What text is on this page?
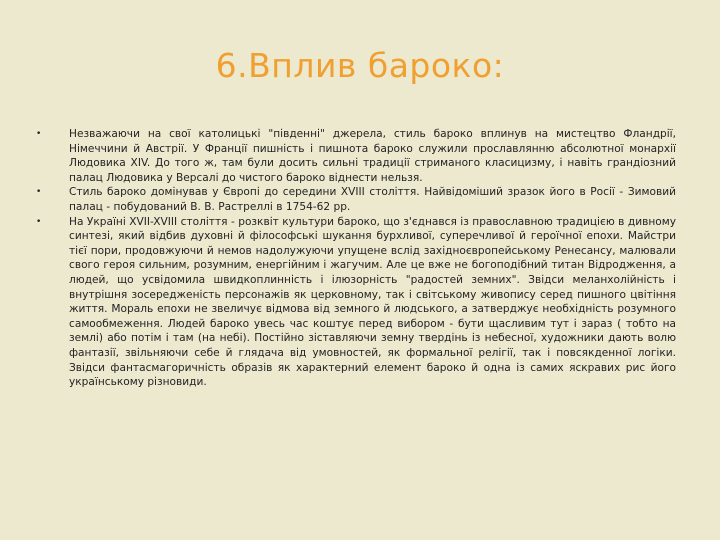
6.Вплив бароко:
•	Незважаючи на свої католицькі "південні" джерела, стиль бароко вплинув на мистецтво Фландрії, Німеччини й Австрії. У Франції пишність і пишнота бароко служили прославлянню абсолютної монархії Людовика XIV. До того ж, там були досить сильні традиції стриманого класицизму, і навіть грандіозний палац Людовика у Версалі до чистого бароко віднести нельзя.
•	Стиль бароко домінував у Європі до середини XVIII століття. Найвідоміший зразок його в Росії - Зимовий палац - побудований В. В. Растреллі в 1754-62 рр.
•	На Україні XVII-XVIII століття - розквіт культури бароко, що з'єднався із православною традицією в дивному синтезі, який відбив духовні й філософські шукання бурхливої, суперечливої й героїчної епохи. Майстри тієї пори, продовжуючи й немов надолужуючи упущене вслід західноєвропейському Ренесансу, малювали свого героя сильним, розумним, енергійним і жагучим. Але це вже не богоподібний титан Відродження, а людей, що усвідомила швидкоплинність і ілюзорність "радостей земних". Звідси меланхолійність і внутрішня зосередженість персонажів як церковному, так і світському живопису серед пишного цвітіння життя. Мораль епохи не звеличує відмова від земного й людського, а затверджує необхідність розумного самообмеження. Людей бароко увесь час коштує перед вибором - бути щасливим тут і зараз ( тобто на землі) або потім і там (на небі). Постійно зіставляючи земну твердінь із небесної, художники дають волю фантазії, звільняючи себе й глядача від умовностей, як формальної релігії, так і повсякденної логіки. Звідси фантасмагоричність образів як характерний елемент бароко й одна із самих яскравих рис його українському різновиди.
